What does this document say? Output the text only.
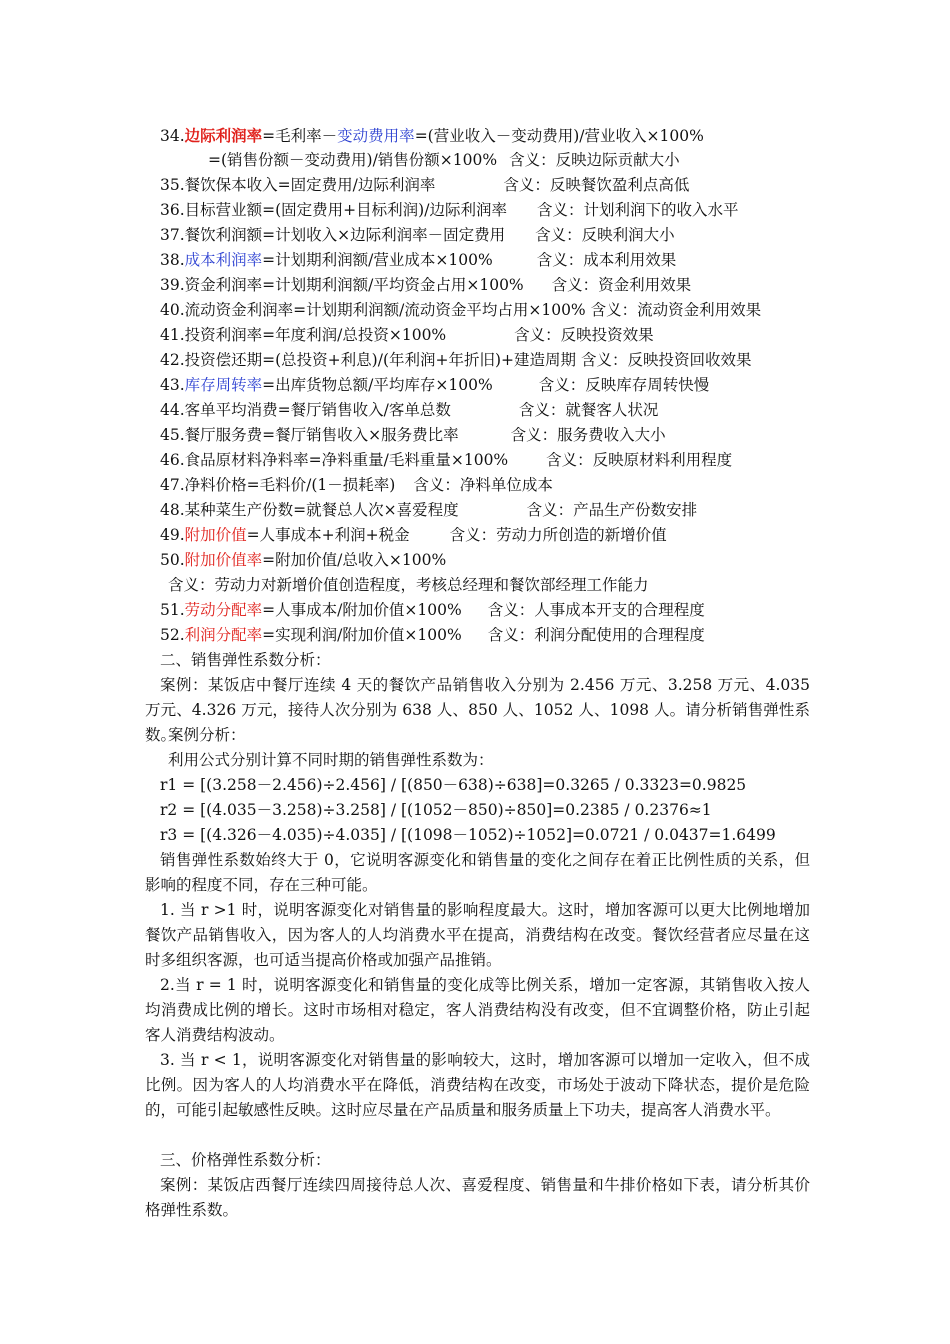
34.边际利润率=毛利率－变动费用率=(营业收入－变动费用)/营业收入×100%
=(销售份额－变动费用)/销售份额×100% 含义：反映边际贡献大小
35.餐饮保本收入=固定费用/边际利润率	含义：反映餐饮盈利点高低
36.目标营业额=(固定费用+目标利润)/边际利润率 含义：计划利润下的收入水平
37.餐饮利润额=计划收入×边际利润率－固定费用 含义：反映利润大小
38.成本利润率=计划期利润额/营业成本×100%	含义：成本利用效果
39.资金利润率=计划期利润额/平均资金占用×100% 含义：资金利用效果
40.流动资金利润率=计划期利润额/流动资金平均占用×100% 含义：流动资金利用效果
41.投资利润率=年度利润/总投资×100%	含义：反映投资效果
42.投资偿还期=(总投资+利息)/(年利润+年折旧)+建造周期 含义：反映投资回收效果
43.库存周转率=出库货物总额/平均库存×100%	含义：反映库存周转快慢
44.客单平均消费=餐厅销售收入/客单总数	含义：就餐客人状况
45.餐厅服务费=餐厅销售收入×服务费比率	含义：服务费收入大小
46.食品原材料净料率=净料重量/毛料重量×100% 含义：反映原材料利用程度
47.净料价格=毛料价/(1－损耗率) 含义：净料单位成本
48.某种菜生产份数=就餐总人次×喜爱程度	含义：产品生产份数安排
49.附加价值=人事成本+利润+税金	含义：劳动力所创造的新增价值
50.附加价值率=附加价值/总收入×100%
含义：劳动力对新增价值创造程度，考核总经理和餐饮部经理工作能力
51.劳动分配率=人事成本/附加价值×100% 含义：人事成本开支的合理程度
52.利润分配率=实现利润/附加价值×100% 含义：利润分配使用的合理程度
二、销售弹性系数分析：
案例：某饭店中餐厅连续 4 天的餐饮产品销售收入分别为 2.456 万元、3.258 万元、4.035 万元、4.326 万元，接待人次分别为 638 人、850 人、1052 人、1098 人。请分析销售弹性系数。
案例分析：
利用公式分别计算不同时期的销售弹性系数为：
r1 = [(3.258－2.456)÷2.456] / [(850－638)÷638]=0.3265 / 0.3323=0.9825
r2 = [(4.035－3.258)÷3.258] / [(1052－850)÷850]=0.2385 / 0.2376≈1
r3 = [(4.326－4.035)÷4.035] / [(1098－1052)÷1052]=0.0721 / 0.0437=1.6499
销售弹性系数始终大于 0，它说明客源变化和销售量的变化之间存在着正比例性质的关系，但影响的程度不同，存在三种可能。
1. 当 r >1 时，说明客源变化对销售量的影响程度最大。这时，增加客源可以更大比例地增加餐饮产品销售收入，因为客人的人均消费水平在提高，消费结构在改变。餐饮经营者应尽量在这时多组织客源，也可适当提高价格或加强产品推销。
2.当 r = 1 时，说明客源变化和销售量的变化成等比例关系，增加一定客源，其销售收入按人均消费成比例的增长。这时市场相对稳定，客人消费结构没有改变，但不宜调整价格，防止引起客人消费结构波动。
3. 当 r < 1，说明客源变化对销售量的影响较大，这时，增加客源可以增加一定收入，但不成比例。因为客人的人均消费水平在降低，消费结构在改变，市场处于波动下降状态，提价是危险的，可能引起敏感性反映。这时应尽量在产品质量和服务质量上下功夫，提高客人消费水平。
三、价格弹性系数分析：
案例：某饭店西餐厅连续四周接待总人次、喜爱程度、销售量和牛排价格如下表，请分析其价格弹性系数。
